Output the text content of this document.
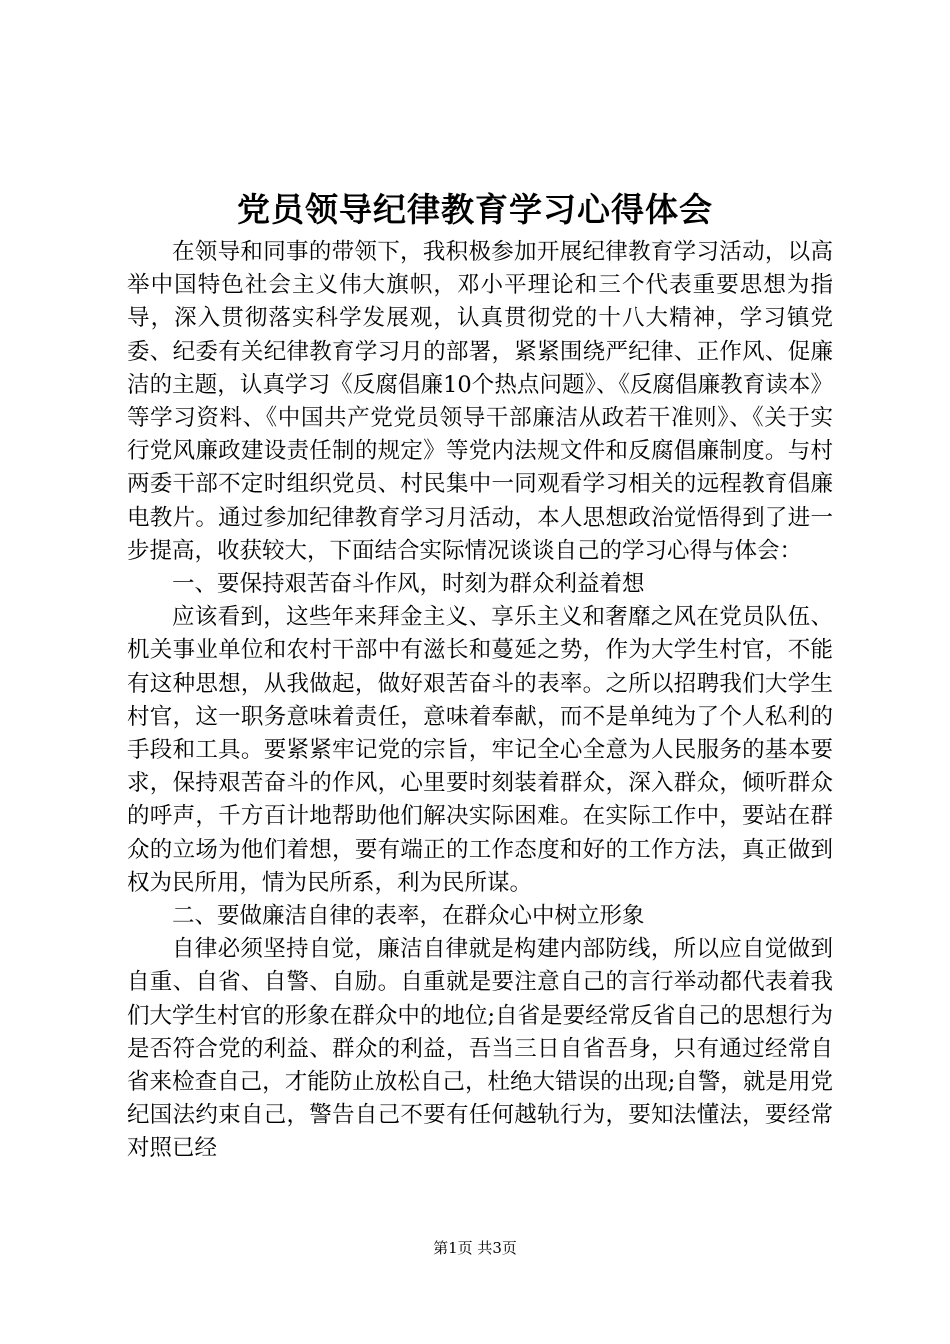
党员领导纪律教育学习心得体会

在领导和同事的带领下，我积极参加开展纪律教育学习活动，以高举中国特色社会主义伟大旗帜，邓小平理论和三个代表重要思想为指导，深入贯彻落实科学发展观，认真贯彻党的十八大精神，学习镇党委、纪委有关纪律教育学习月的部署，紧紧围绕严纪律、正作风、促廉洁的主题，认真学习《反腐倡廉10个热点问题》、《反腐倡廉教育读本》等学习资料、《中国共产党党员领导干部廉洁从政若干准则》、《关于实行党风廉政建设责任制的规定》等党内法规文件和反腐倡廉制度。与村两委干部不定时组织党员、村民集中一同观看学习相关的远程教育倡廉电教片。通过参加纪律教育学习月活动，本人思想政治觉悟得到了进一步提高，收获较大，下面结合实际情况谈谈自己的学习心得与体会：

一、要保持艰苦奋斗作风，时刻为群众利益着想

应该看到，这些年来拜金主义、享乐主义和奢靡之风在党员队伍、机关事业单位和农村干部中有滋长和蔓延之势，作为大学生村官，不能有这种思想，从我做起，做好艰苦奋斗的表率。之所以招聘我们大学生村官，这一职务意味着责任，意味着奉献，而不是单纯为了个人私利的手段和工具。要紧紧牢记党的宗旨，牢记全心全意为人民服务的基本要求，保持艰苦奋斗的作风，心里要时刻装着群众，深入群众，倾听群众的呼声，千方百计地帮助他们解决实际困难。在实际工作中，要站在群众的立场为他们着想，要有端正的工作态度和好的工作方法，真正做到权为民所用，情为民所系，利为民所谋。

二、要做廉洁自律的表率，在群众心中树立形象

自律必须坚持自觉，廉洁自律就是构建内部防线，所以应自觉做到自重、自省、自警、自励。自重就是要注意自己的言行举动都代表着我们大学生村官的形象在群众中的地位;自省是要经常反省自己的思想行为是否符合党的利益、群众的利益，吾当三日自省吾身，只有通过经常自省来检查自己，才能防止放松自己，杜绝大错误的出现;自警，就是用党纪国法约束自己，警告自己不要有任何越轨行为，要知法懂法，要经常对照已经

第1页 共3页
